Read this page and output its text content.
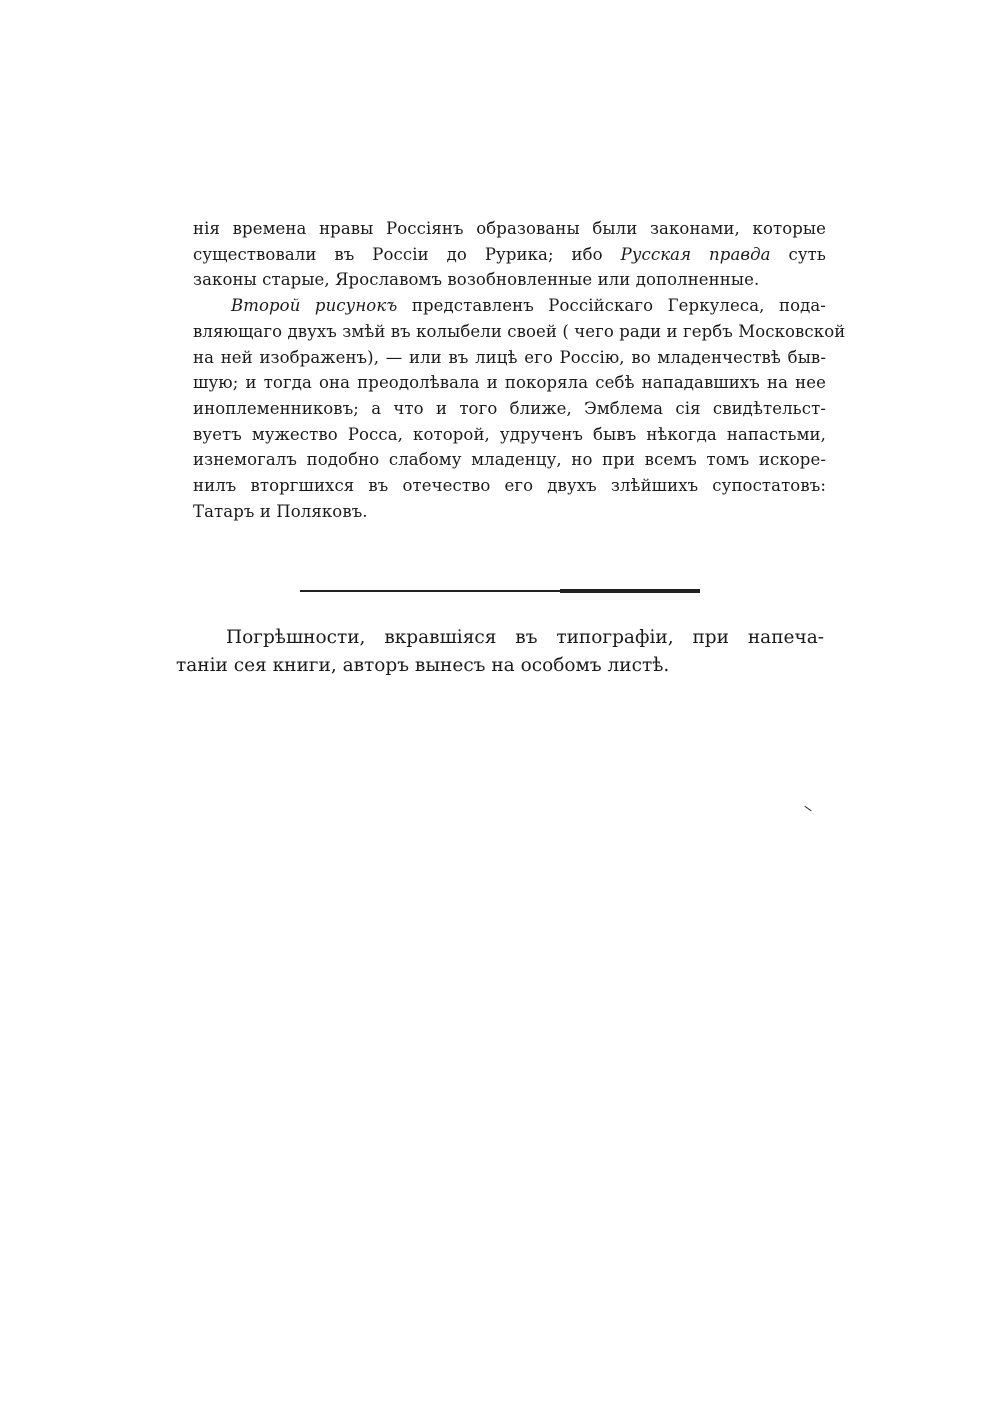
нія времена нравы Россіянъ образованы были законами, которые
существовали въ Россіи до Рурика; ибо Русская правда суть
законы старые, Ярославомъ возобновленные или дополненные.
Второй рисунокъ представленъ Россійскаго Геркулеса, пода-
вляющаго двухъ змѣй въ колыбели своей ( чего ради и гербъ Московской
на ней изображенъ), — или въ лицѣ его Россію, во младенчествѣ быв-
шую; и тогда она преодолѣвала и покоряла себѣ нападавшихъ на нее
иноплеменниковъ; а что и того ближе, Эмблема сія свидѣтельст-
вуетъ мужество Росса, которой, удрученъ бывъ нѣкогда напастьми,
изнемогалъ подобно слабому младенцу, но при всемъ томъ искоре-
нилъ вторгшихся въ отечество его двухъ злѣйшихъ супостатовъ:
Татаръ и Поляковъ.
Погрѣшности, вкравшіяся въ типографіи, при напеча-
таніи сея книги, авторъ вынесъ на особомъ листѣ.
